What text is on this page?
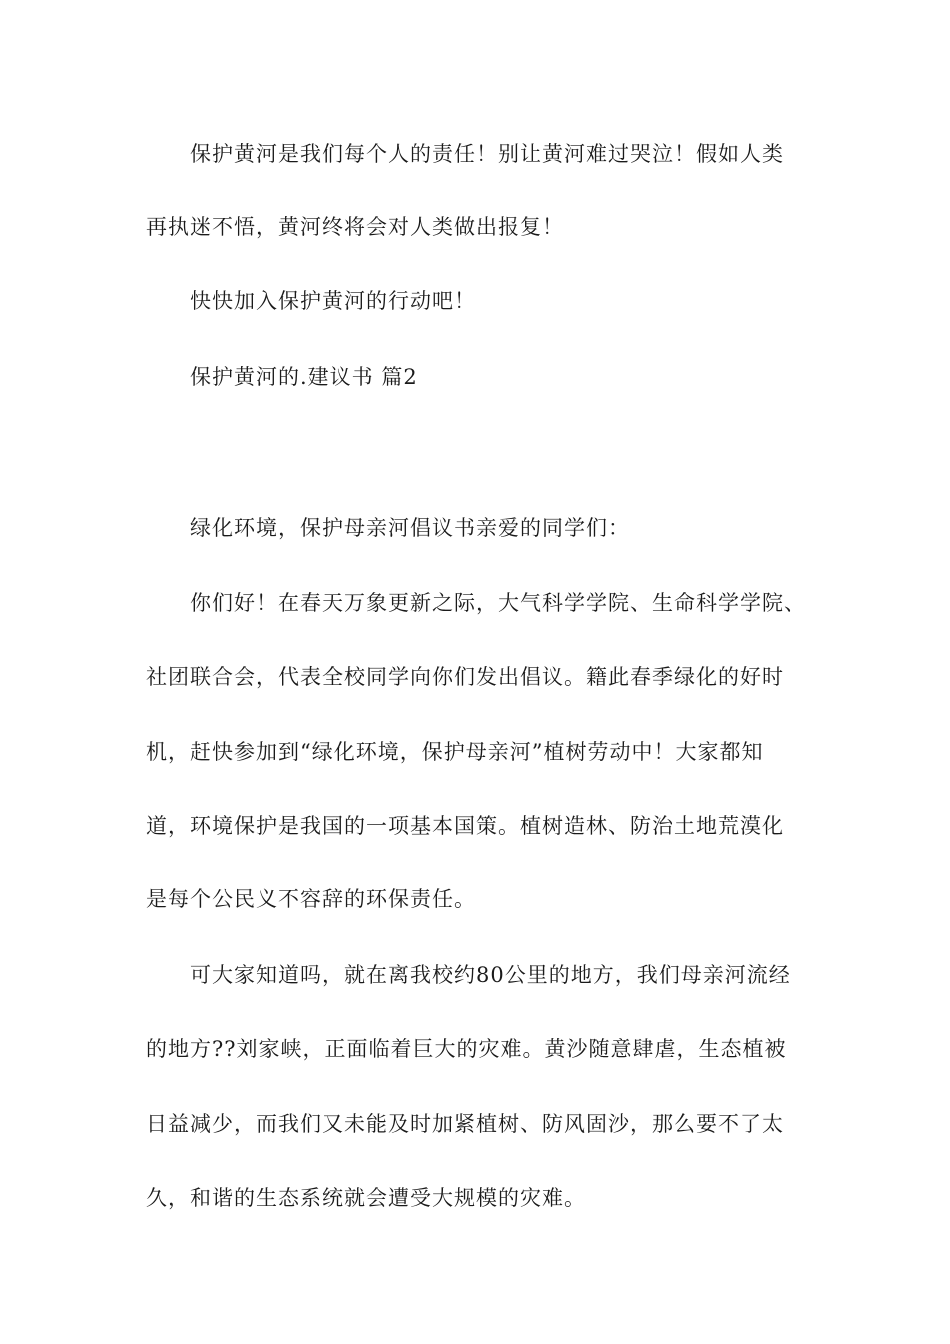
保护黄河是我们每个人的责任！别让黄河难过哭泣！假如人类
再执迷不悟，黄河终将会对人类做出报复！
快快加入保护黄河的行动吧！
保护黄河的.建议书 篇2
绿化环境，保护母亲河倡议书亲爱的同学们：
你们好！在春天万象更新之际，大气科学学院、生命科学学院、
社团联合会，代表全校同学向你们发出倡议。籍此春季绿化的好时
机，赶快参加到“绿化环境，保护母亲河”植树劳动中！大家都知
道，环境保护是我国的一项基本国策。植树造林、防治土地荒漠化
是每个公民义不容辞的环保责任。
可大家知道吗，就在离我校约80公里的地方，我们母亲河流经
的地方??刘家峡，正面临着巨大的灾难。黄沙随意肆虐，生态植被
日益减少，而我们又未能及时加紧植树、防风固沙，那么要不了太
久，和谐的生态系统就会遭受大规模的灾难。
